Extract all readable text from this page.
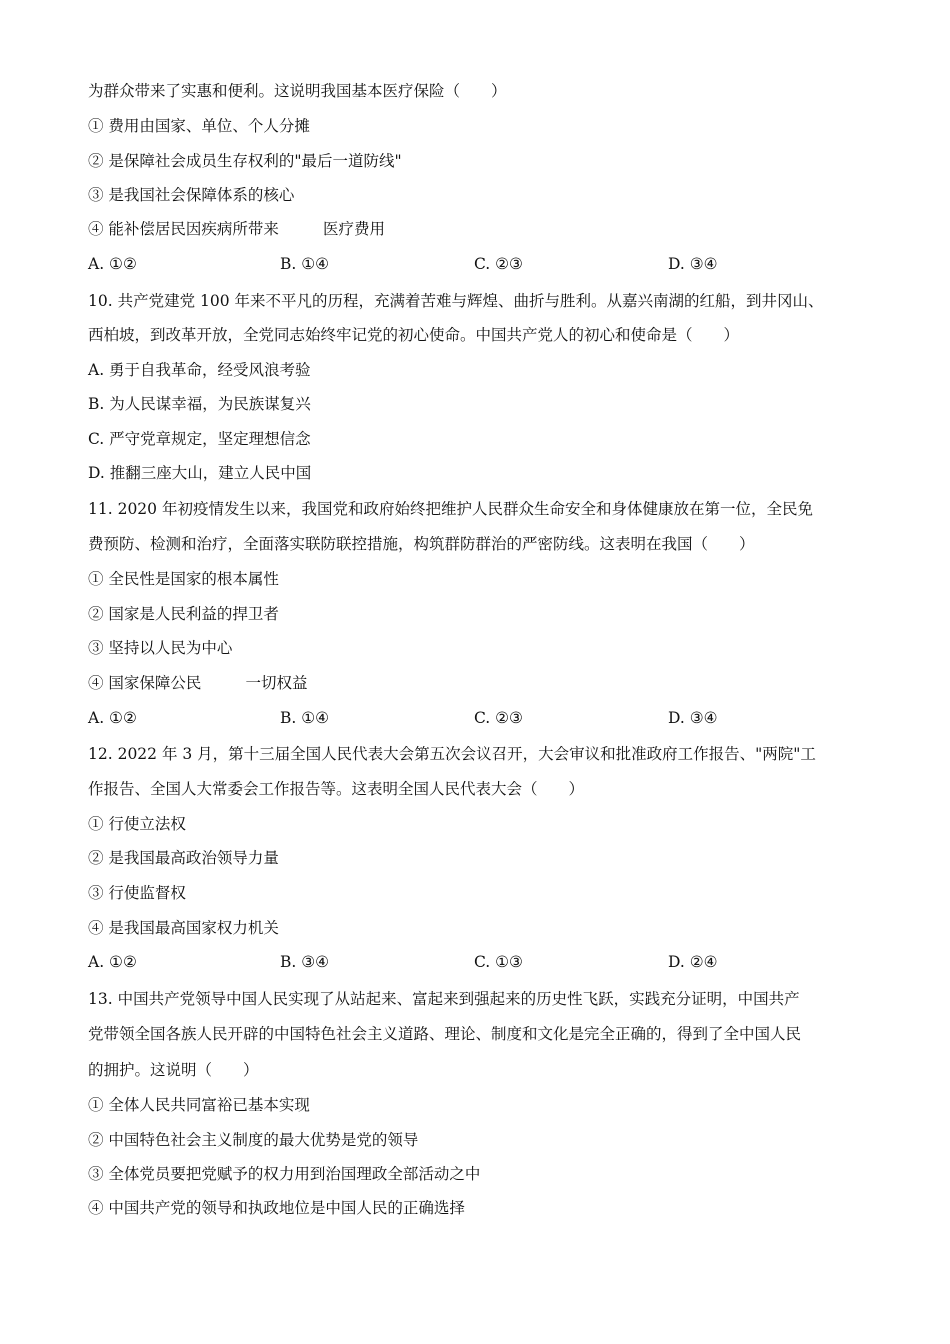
为群众带来了实惠和便利。这说明我国基本医疗保险（　　）
① 费用由国家、单位、个人分摊
② 是保障社会成员生存权利的"最后一道防线"
③ 是我国社会保障体系的核心
④ 能补偿居民因疾病所带来	医疗费用
A. ①②	B. ①④	C. ②③	D. ③④
10. 共产党建党 100 年来不平凡的历程，充满着苦难与辉煌、曲折与胜利。从嘉兴南湖的红船，到井冈山、
西柏坡，到改革开放，全党同志始终牢记党的初心使命。中国共产党人的初心和使命是（　　）
A. 勇于自我革命，经受风浪考验
B. 为人民谋幸福，为民族谋复兴
C. 严守党章规定，坚定理想信念
D. 推翻三座大山，建立人民中国
11. 2020 年初疫情发生以来，我国党和政府始终把维护人民群众生命安全和身体健康放在第一位，全民免
费预防、检测和治疗，全面落实联防联控措施，构筑群防群治的严密防线。这表明在我国（　　）
① 全民性是国家的根本属性
② 国家是人民利益的捍卫者
③ 坚持以人民为中心
④ 国家保障公民	一切权益
A. ①②	B. ①④	C. ②③	D. ③④
12. 2022 年 3 月，第十三届全国人民代表大会第五次会议召开，大会审议和批准政府工作报告、"两院"工
作报告、全国人大常委会工作报告等。这表明全国人民代表大会（　　）
① 行使立法权
② 是我国最高政治领导力量
③ 行使监督权
④ 是我国最高国家权力机关
A. ①②	B. ③④	C. ①③	D. ②④
13. 中国共产党领导中国人民实现了从站起来、富起来到强起来的历史性飞跃，实践充分证明，中国共产
党带领全国各族人民开辟的中国特色社会主义道路、理论、制度和文化是完全正确的，得到了全中国人民
的拥护。这说明（　　）
① 全体人民共同富裕已基本实现
② 中国特色社会主义制度的最大优势是党的领导
③ 全体党员要把党赋予的权力用到治国理政全部活动之中
④ 中国共产党的领导和执政地位是中国人民的正确选择
